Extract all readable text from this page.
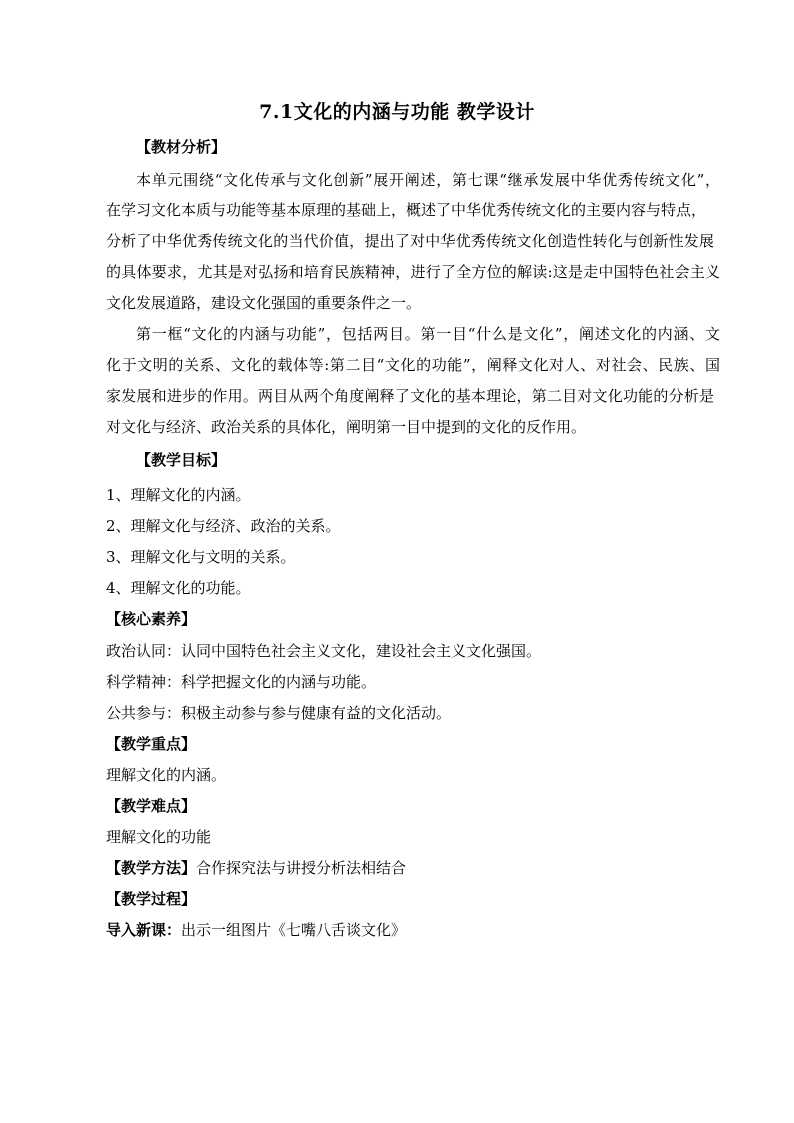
7.1文化的内涵与功能 教学设计
【教材分析】
本单元围绕“文化传承与文化创新”展开阐述，第七课“继承发展中华优秀传统文化”，
在学习文化本质与功能等基本原理的基础上，概述了中华优秀传统文化的主要内容与特点，
分析了中华优秀传统文化的当代价值，提出了对中华优秀传统文化创造性转化与创新性发展
的具体要求，尤其是对弘扬和培育民族精神，进行了全方位的解读:这是走中国特色社会主义
文化发展道路，建设文化强国的重要条件之一。
第一框“文化的内涵与功能”，包括两目。第一目“什么是文化”，阐述文化的内涵、文
化于文明的关系、文化的载体等:第二目“文化的功能”，阐释文化对人、对社会、民族、国
家发展和进步的作用。两目从两个角度阐释了文化的基本理论，第二目对文化功能的分析是
对文化与经济、政治关系的具体化，阐明第一目中提到的文化的反作用。
【教学目标】
1、理解文化的内涵。
2、理解文化与经济、政治的关系。
3、理解文化与文明的关系。
4、理解文化的功能。
【核心素养】
政治认同：认同中国特色社会主义文化，建设社会主义文化强国。
科学精神：科学把握文化的内涵与功能。
公共参与：积极主动参与参与健康有益的文化活动。
【教学重点】
理解文化的内涵。
【教学难点】
理解文化的功能
【教学方法】合作探究法与讲授分析法相结合
【教学过程】
导入新课：出示一组图片《七嘴八舌谈文化》
